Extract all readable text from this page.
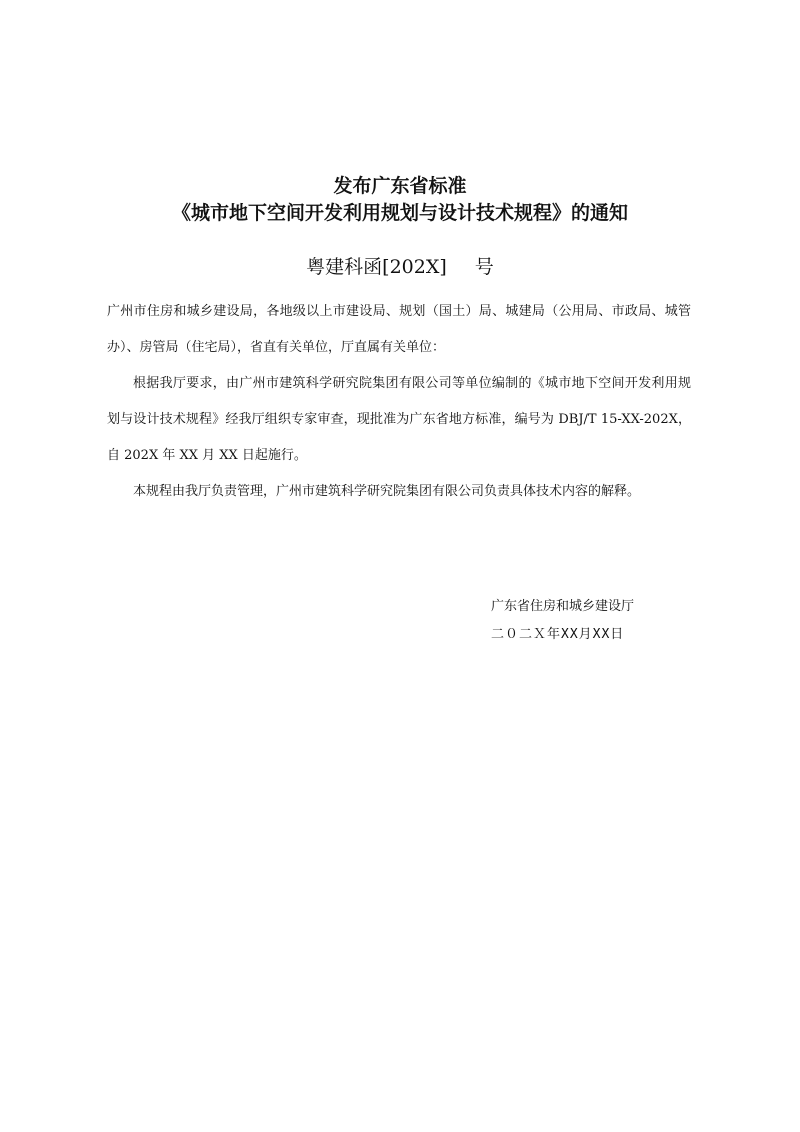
发布广东省标准
《城市地下空间开发利用规划与设计技术规程》的通知
粤建科函[202X] 号
广州市住房和城乡建设局，各地级以上市建设局、规划（国土）局、城建局（公用局、市政局、城管办）、房管局（住宅局），省直有关单位，厅直属有关单位：
根据我厅要求，由广州市建筑科学研究院集团有限公司等单位编制的《城市地下空间开发利用规划与设计技术规程》经我厅组织专家审查，现批准为广东省地方标准，编号为 DBJ/T 15-XX-202X，自 202X 年 XX 月 XX 日起施行。
本规程由我厅负责管理，广州市建筑科学研究院集团有限公司负责具体技术内容的解释。
广东省住房和城乡建设厅
二０二Ｘ年XX月XX日
